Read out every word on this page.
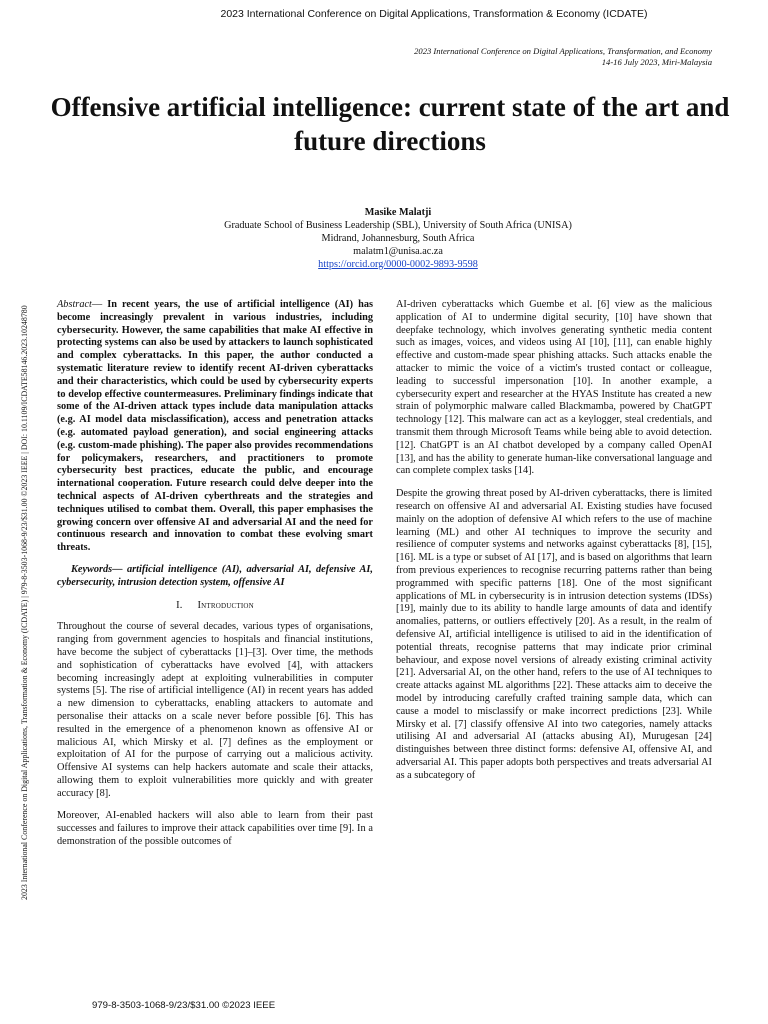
2023 International Conference on Digital Applications, Transformation & Economy (ICDATE)
2023 International Conference on Digital Applications, Transformation, and Economy
14-16 July 2023, Miri-Malaysia
2023 International Conference on Digital Applications, Transformation & Economy (ICDATE) | 979-8-3503-1068-9/23/$31.00 ©2023 IEEE | DOI: 10.1109/ICDATE58146.2023.10248780
Offensive artificial intelligence: current state of the art and future directions
Masike Malatji
Graduate School of Business Leadership (SBL), University of South Africa (UNISA)
Midrand, Johannesburg, South Africa
malatm1@unisa.ac.za
https://orcid.org/0000-0002-9893-9598

Abstract— In recent years, the use of artificial intelligence (AI) has become increasingly prevalent in various industries, including cybersecurity. However, the same capabilities that make AI effective in protecting systems can also be used by attackers to launch sophisticated and complex cyberattacks. In this paper, the author conducted a systematic literature review to identify recent AI-driven cyberattacks and their characteristics, which could be used by cybersecurity experts to develop effective countermeasures. Preliminary findings indicate that some of the AI-driven attack types include data manipulation attacks (e.g. AI model data misclassification), access and penetration attacks (e.g. automated payload generation), and social engineering attacks (e.g. custom-made phishing). The paper also provides recommendations for policymakers, researchers, and practitioners to promote cybersecurity best practices, educate the public, and encourage international cooperation. Future research could delve deeper into the technical aspects of AI-driven cyberthreats and the strategies and techniques utilised to combat them. Overall, this paper emphasises the growing concern over offensive AI and adversarial AI and the need for continuous research and innovation to combat these evolving smart threats.

Keywords— artificial intelligence (AI), adversarial AI, defensive AI, cybersecurity, intrusion detection system, offensive AI

I. Introduction

Throughout the course of several decades, various types of organisations, ranging from government agencies to hospitals and financial institutions, have become the subject of cyberattacks [1]–[3]. Over time, the methods and sophistication of cyberattacks have evolved [4], with attackers becoming increasingly adept at exploiting vulnerabilities in computer systems [5]. The rise of artificial intelligence (AI) in recent years has added a new dimension to cyberattacks, enabling attackers to automate and personalise their attacks on a scale never before possible [6]. This has resulted in the emergence of a phenomenon known as offensive AI or malicious AI, which Mirsky et al. [7] defines as the employment or exploitation of AI for the purpose of carrying out a malicious activity. Offensive AI systems can help hackers automate and scale their attacks, allowing them to exploit vulnerabilities more quickly and with greater accuracy [8].

Moreover, AI-enabled hackers will also able to learn from their past successes and failures to improve their attack capabilities over time [9]. In a demonstration of the possible outcomes of

AI-driven cyberattacks which Guembe et al. [6] view as the malicious application of AI to undermine digital security, [10] have shown that deepfake technology, which involves generating synthetic media content such as images, voices, and videos using AI [10], [11], can enable highly effective and custom-made spear phishing attacks. Such attacks enable the attacker to mimic the voice of a victim's trusted contact or colleague, leading to successful impersonation [10]. In another example, a cybersecurity expert and researcher at the HYAS Institute has created a new strain of polymorphic malware called Blackmamba, powered by ChatGPT technology [12]. This malware can act as a keylogger, steal credentials, and transmit them through Microsoft Teams while being able to avoid detection. [12]. ChatGPT is an AI chatbot developed by a company called OpenAI [13], and has the ability to generate human-like conversational language and can complete complex tasks [14].

Despite the growing threat posed by AI-driven cyberattacks, there is limited research on offensive AI and adversarial AI. Existing studies have focused mainly on the adoption of defensive AI which refers to the use of machine learning (ML) and other AI techniques to improve the security and resilience of computer systems and networks against cyberattacks [8], [15], [16]. ML is a type or subset of AI [17], and is based on algorithms that learn from previous experiences to recognise recurring patterns rather than being programmed with specific patterns [18]. One of the most significant applications of ML in cybersecurity is in intrusion detection systems (IDSs) [19], mainly due to its ability to handle large amounts of data and identify anomalies, patterns, or outliers effectively [20]. As a result, in the realm of defensive AI, artificial intelligence is utilised to aid in the identification of potential threats, recognise patterns that may indicate prior criminal behaviour, and expose novel versions of already existing criminal activity [21]. Adversarial AI, on the other hand, refers to the use of AI techniques to create attacks against ML algorithms [22]. These attacks aim to deceive the model by introducing carefully crafted training sample data, which can cause a model to misclassify or make incorrect predictions [23]. While Mirsky et al. [7] classify offensive AI into two categories, namely attacks utilising AI and adversarial AI (attacks abusing AI), Murugesan [24] distinguishes between three distinct forms: defensive AI, offensive AI, and adversarial AI. This paper adopts both perspectives and treats adversarial AI as a subcategory of

979-8-3503-1068-9/23/$31.00 ©2023 IEEE
